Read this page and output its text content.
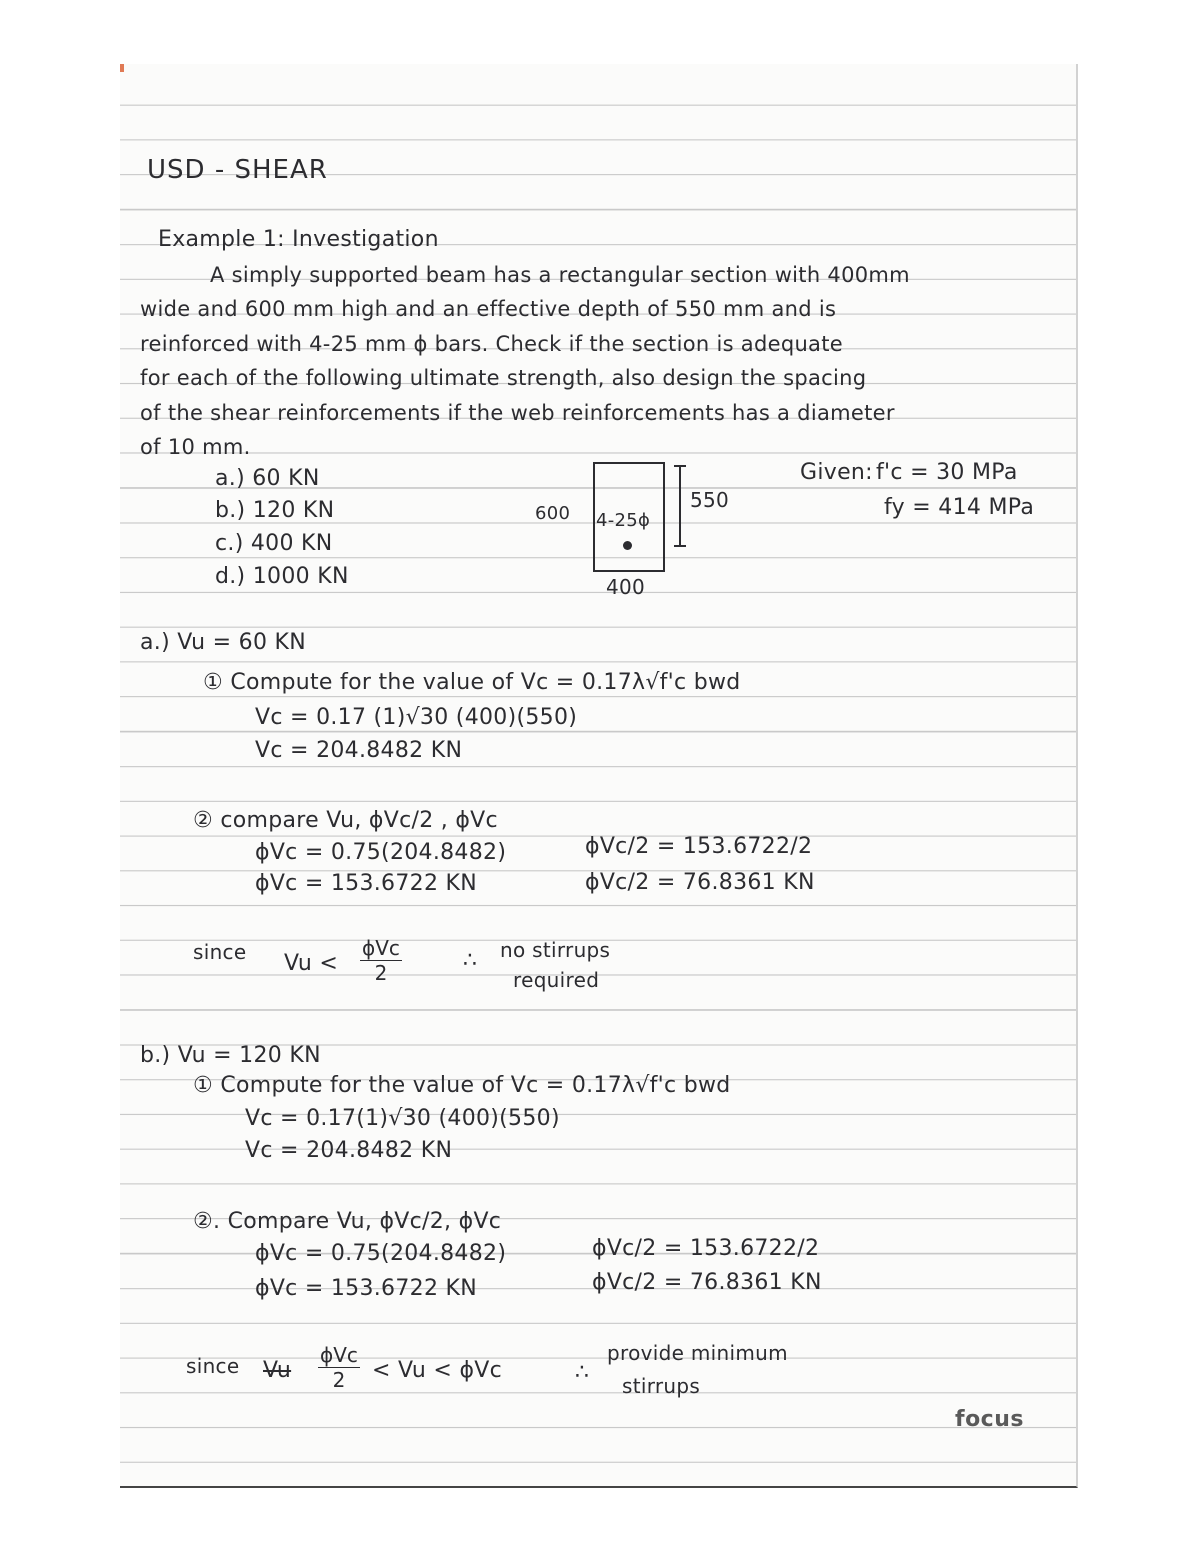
USD - SHEAR
Example 1: Investigation
A simply supported beam has a rectangular section with 400mm
wide and 600 mm high and an effective depth of 550 mm and is
reinforced with 4-25 mm ϕ bars. Check if the section is adequate
for each of the following ultimate strength, also design the spacing
of the shear reinforcements if the web reinforcements has a diameter
of 10 mm.
a.) 60 KN
b.) 120 KN
c.) 400 KN
d.) 1000 KN
600 4-25ϕ
550
400
Given: f'c = 30 MPa
fy = 414 MPa
a.) Vu = 60 KN
① Compute for the value of Vc = 0.17λ√f'c bwd
Vc = 0.17 (1)√30 (400)(550)
Vc = 204.8482 KN
② compare Vu, ϕVc/2 , ϕVc
ϕVc = 0.75(204.8482)
ϕVc = 153.6722 KN
ϕVc/2 = 153.6722/2
ϕVc/2 = 76.8361 KN
since Vu <
ϕVc
2	∴ no stirrups
required
b.) Vu = 120 KN
① Compute for the value of Vc = 0.17λ√f'c bwd
Vc = 0.17(1)√30 (400)(550)
Vc = 204.8482 KN
②. Compare Vu, ϕVc/2, ϕVc
ϕVc = 0.75(204.8482)
ϕVc = 153.6722 KN
ϕVc/2 = 153.6722/2
ϕVc/2 = 76.8361 KN
since Vu
ϕVc
2	< Vu < ϕVc	∴
provide minimum
stirrups
focus
